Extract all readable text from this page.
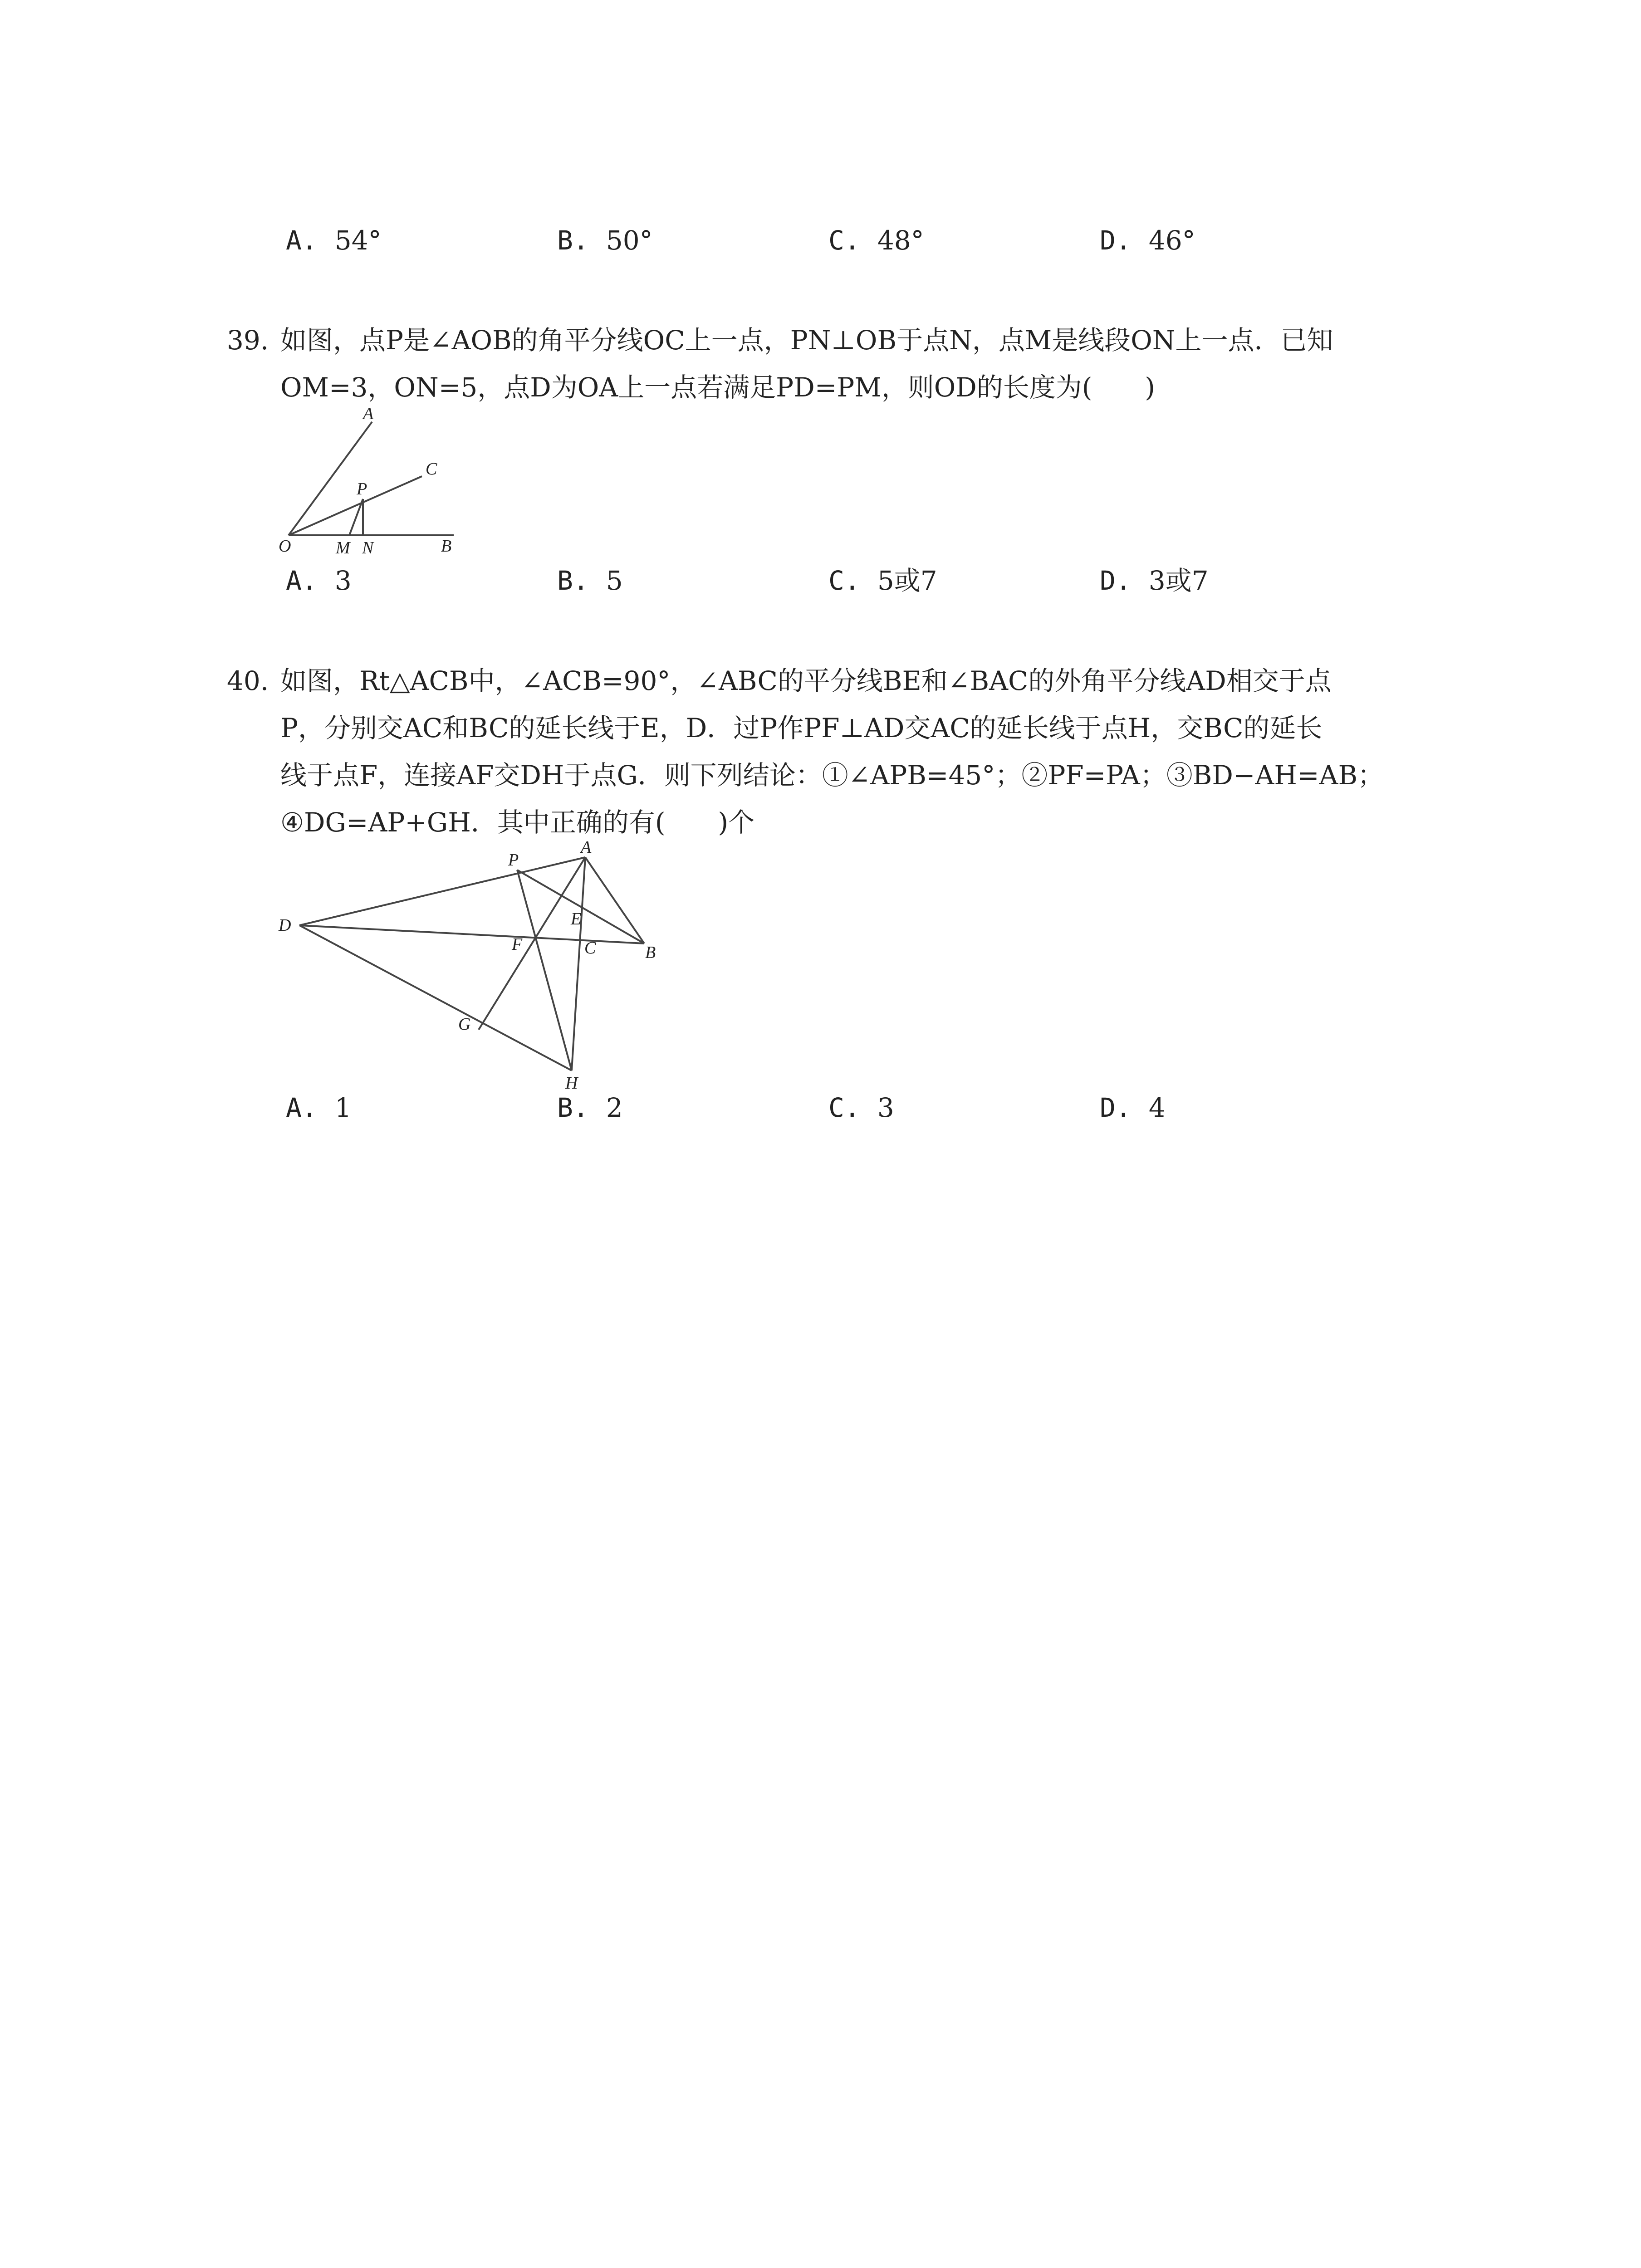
A. 54°	B. 50°	C. 48°	D. 46°
39. 如图，点P是∠AOB的角平分线OC上一点，PN⊥OB于点N，点M是线段ON上一点．已知
OM=3，ON=5，点D为OA上一点若满足PD=PM，则OD的长度为(　　)
A
C
P
O	M N	B
A. 3	B. 5	C. 5或7	D. 3或7
40. 如图，Rt△ACB中，∠ACB=90°，∠ABC的平分线BE和∠BAC的外角平分线AD相交于点
P，分别交AC和BC的延长线于E，D．过P作PF⊥AD交AC的延长线于点H，交BC的延长
线于点F，连接AF交DH于点G．则下列结论：①∠APB=45°；②PF=PA；③BD−AH=AB；
④DG=AP+GH．其中正确的有(　　)个
P
A
D	E
F	C	B
G
H
A. 1	B. 2	C. 3	D. 4
